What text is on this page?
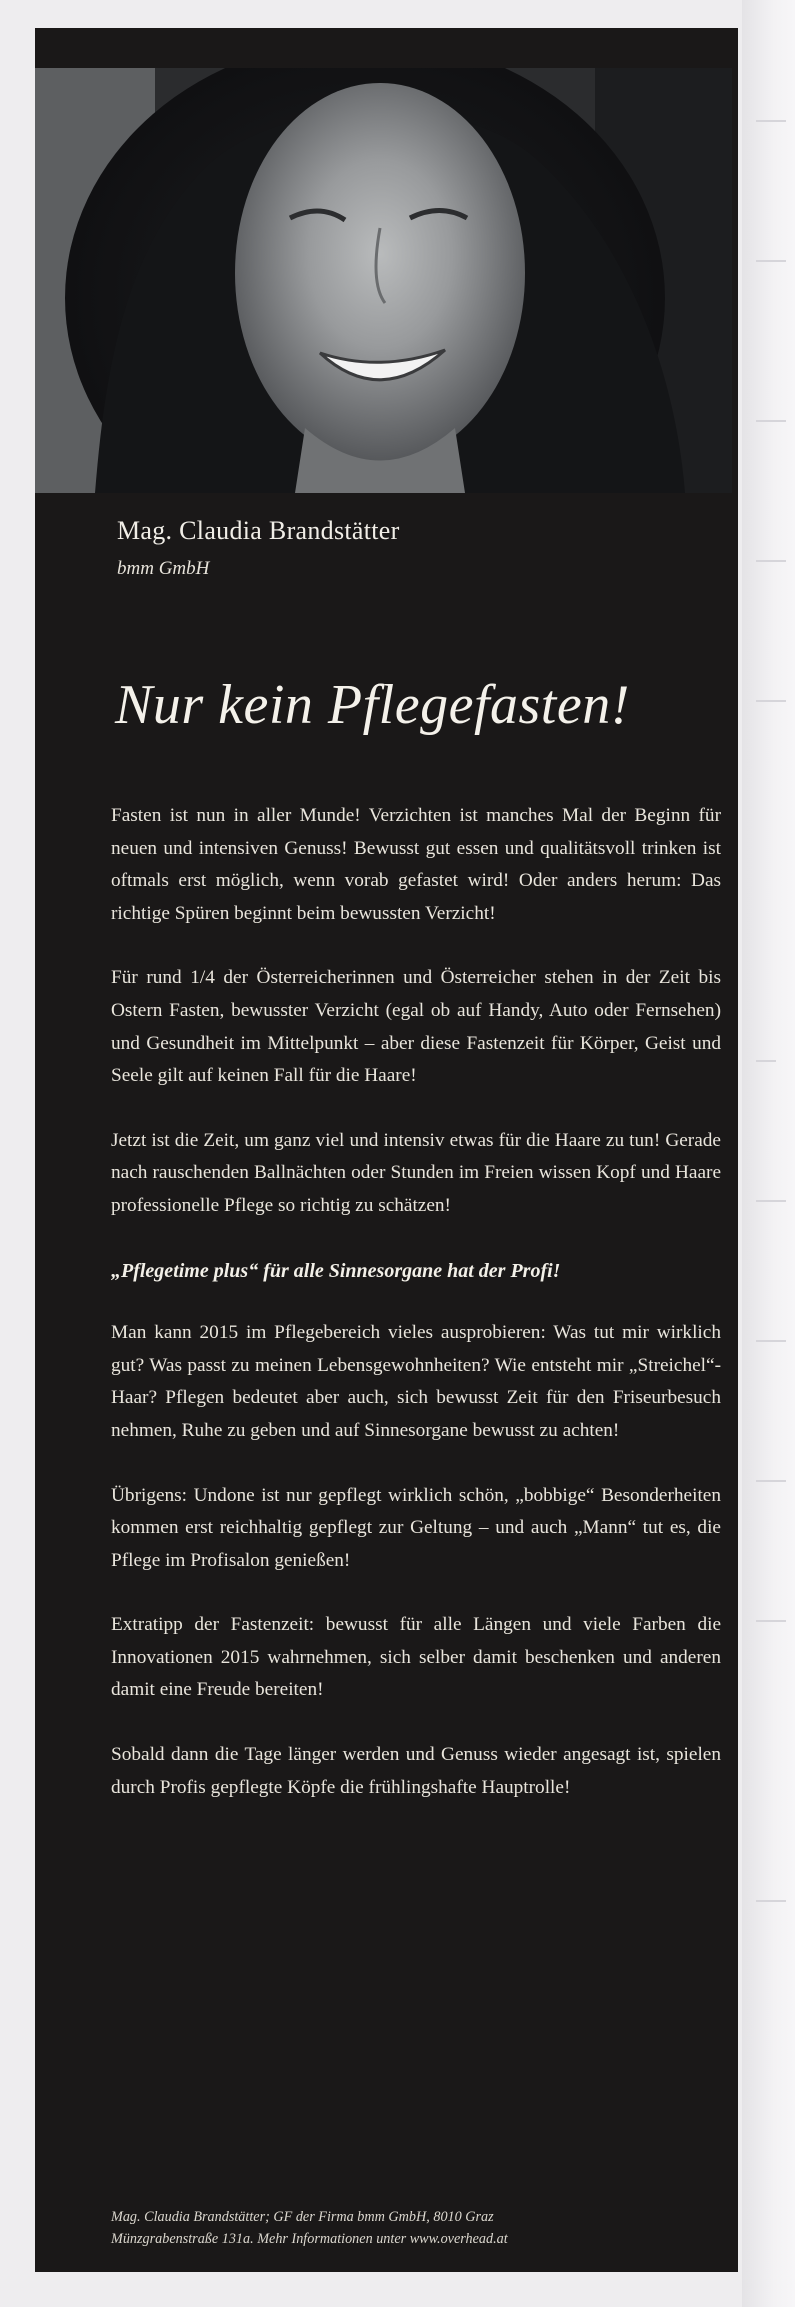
Mag. Claudia Brandstätter
bmm GmbH
Nur kein Pflegefasten!

Fasten ist nun in aller Munde! Verzichten ist manches Mal der Beginn für neuen und intensiven Genuss! Bewusst gut essen und qualitätsvoll trinken ist oftmals erst möglich, wenn vorab gefastet wird! Oder anders herum: Das richtige Spüren beginnt beim bewussten Verzicht!

Für rund 1/4 der Österreicherinnen und Österreicher stehen in der Zeit bis Ostern Fasten, bewusster Verzicht (egal ob auf Handy, Auto oder Fernsehen) und Gesundheit im Mittelpunkt – aber diese Fastenzeit für Körper, Geist und Seele gilt auf keinen Fall für die Haare!

Jetzt ist die Zeit, um ganz viel und intensiv etwas für die Haare zu tun! Gerade nach rauschenden Ballnächten oder Stunden im Freien wissen Kopf und Haare professionelle Pflege so richtig zu schätzen!

„Pflegetime plus“ für alle Sinnesorgane hat der Profi!

Man kann 2015 im Pflegebereich vieles ausprobieren: Was tut mir wirklich gut? Was passt zu meinen Lebensgewohnheiten? Wie entsteht mir „Streichel“-Haar? Pflegen bedeutet aber auch, sich bewusst Zeit für den Friseurbesuch nehmen, Ruhe zu geben und auf Sinnesorgane bewusst zu achten!

Übrigens: Undone ist nur gepflegt wirklich schön, „bobbige“ Besonderheiten kommen erst reichhaltig gepflegt zur Geltung – und auch „Mann“ tut es, die Pflege im Profisalon genießen!

Extratipp der Fastenzeit: bewusst für alle Längen und viele Farben die Innovationen 2015 wahrnehmen, sich selber damit beschenken und anderen damit eine Freude bereiten!

Sobald dann die Tage länger werden und Genuss wieder angesagt ist, spielen durch Profis gepflegte Köpfe die frühlingshafte Hauptrolle!

Mag. Claudia Brandstätter; GF der Firma bmm GmbH, 8010 Graz
Münzgrabenstraße 131a. Mehr Informationen unter www.overhead.at
